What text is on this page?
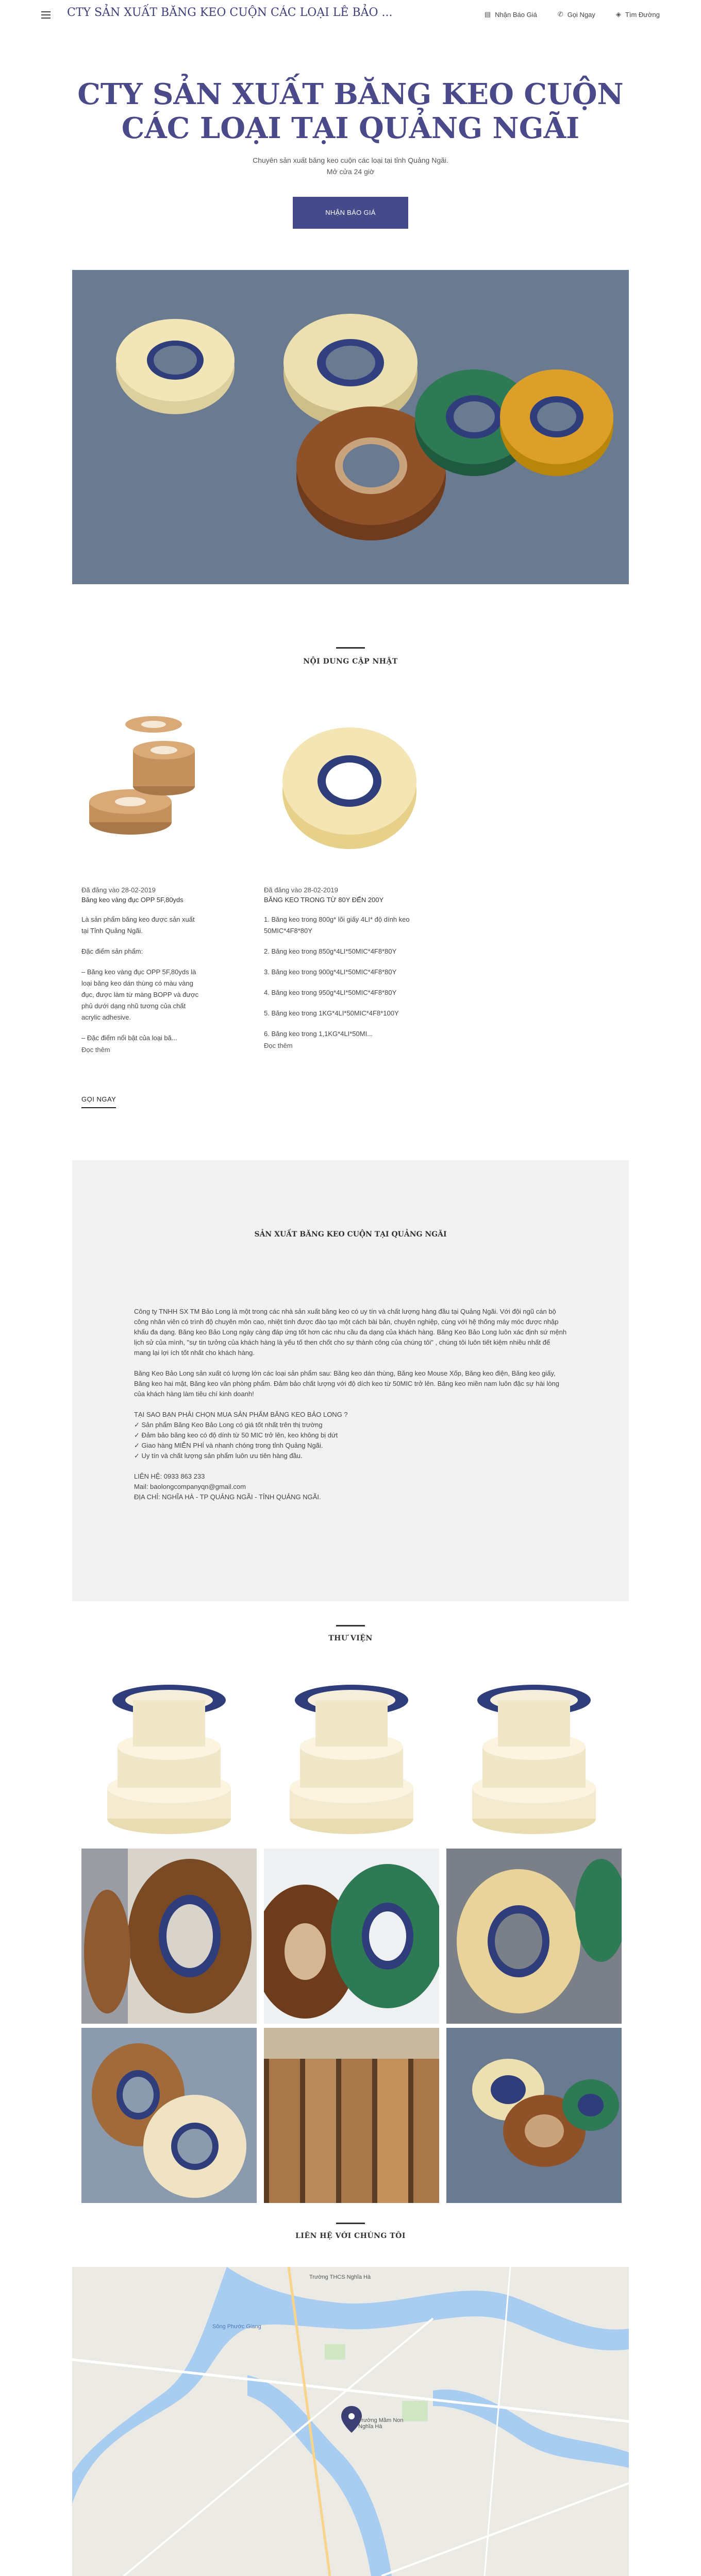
CTY SẢN XUẤT BĂNG KEO CUỘN CÁC LOẠI LÊ BẢO ...	▤ Nhận Báo Giá	✆ Gọi Ngay	◈ Tìm Đường
CTY SẢN XUẤT BĂNG KEO CUỘN
CÁC LOẠI TẠI QUẢNG NGÃI
Chuyên sản xuất băng keo cuộn các loại tại tỉnh Quảng Ngãi.
Mở cửa 24 giờ
NHẬN BÁO GIÁ
NỘI DUNG CẬP NHẬT
Đã đăng vào 28-02-2019
Băng keo vàng đục OPP 5F,80yds

Là sản phẩm băng keo được sản xuất tại Tỉnh Quảng Ngãi.

Đặc điểm sản phẩm:

– Băng keo vàng đục OPP 5F,80yds là loại băng keo dán thùng có màu vàng đục, được làm từ màng BOPP và được phủ dưới dạng nhũ tương của chất acrylic adhesive.

– Đặc điểm nổi bật của loại bă...

Đọc thêm
Đã đăng vào 28-02-2019
BĂNG KEO TRONG TỪ 80Y ĐẾN 200Y

1. Băng keo trong 800g* lõi giấy 4LI* độ dính keo 50MIC*4F8*80Y

2. Băng keo trong 850g*4LI*50MIC*4F8*80Y

3. Băng keo trong 900g*4LI*50MIC*4F8*80Y

4. Băng keo trong 950g*4LI*50MIC*4F8*80Y

5. Băng keo trong 1KG*4LI*50MIC*4F8*100Y

6. Băng keo trong 1,1KG*4LI*50MI...

Đọc thêm
GỌI NGAY
SẢN XUẤT BĂNG KEO CUỘN TẠI QUẢNG NGÃI

Công ty TNHH SX TM Bảo Long là một trong các nhà sản xuất băng keo có uy tín và chất lượng hàng đầu tại Quảng Ngãi. Với đội ngũ cán bộ công nhân viên có trình độ chuyên môn cao, nhiệt tình được đào tạo một cách bài bản, chuyên nghiệp, cùng với hệ thống máy móc được nhập khẩu đa dạng. Băng keo Bảo Long ngày càng đáp ứng tốt hơn các nhu cầu đa dạng của khách hàng. Băng Keo Bảo Long luôn xác định sứ mệnh lịch sử của mình, "sự tin tưởng của khách hàng là yếu tố then chốt cho sự thành công của chúng tôi" , chúng tôi luôn tiết kiệm nhiều nhất để mang lại lợi ích tốt nhất cho khách hàng.

Băng Keo Bảo Long sản xuất có lượng lớn các loại sản phẩm sau: Băng keo dán thùng, Băng keo Mouse Xốp, Băng keo điện, Băng keo giấy, Băng keo hai mặt, Băng keo văn phòng phẩm. Đảm bảo chất lượng với độ dích keo từ 50MIC trở lên. Băng keo miền nam luôn đặc sự hài lòng của khách hàng làm tiêu chí kinh doanh!

TẠI SAO BẠN PHẢI CHỌN MUA SẢN PHẨM BĂNG KEO BẢO LONG ?

✓ Sản phẩm Băng Keo Bảo Long có giá tốt nhất trên thị trường

✓ Đảm bảo băng keo có độ dính từ 50 MIC trở lên, keo không bị dứt

✓ Giao hàng MIỄN PHÍ và nhanh chóng trong tỉnh Quảng Ngãi.

✓ Uy tín và chất lượng sản phẩm luôn ưu tiên hàng đầu.

LIÊN HỆ: 0933 863 233

Mail: baolongcompanyqn@gmail.com

ĐỊA CHỈ: NGHĨA HÀ - TP QUẢNG NGÃI - TỈNH QUẢNG NGÃI.

THƯ VIỆN
LIÊN HỆ VỚI CHÚNG TÔI
Trường THCS Nghĩa Hà
Sông Phước Giang
Trường Mầm Non Nghĩa Hà
